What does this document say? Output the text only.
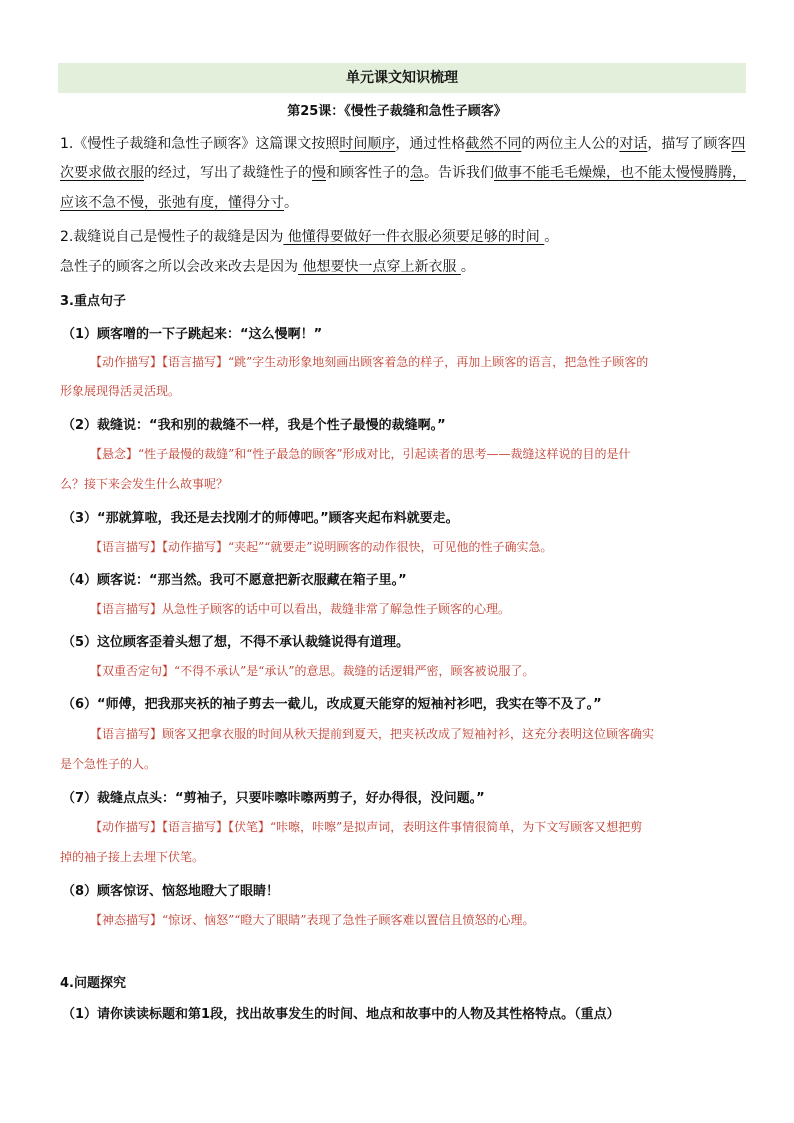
单元课文知识梳理
第25课：《慢性子裁缝和急性子顾客》
1.《慢性子裁缝和急性子顾客》这篇课文按照时间顺序，通过性格截然不同的两位主人公的对话，描写了顾客四
次要求做衣服的经过，写出了裁缝性子的慢和顾客性子的急。告诉我们做事不能毛毛燥燥，也不能太慢慢腾腾，
应该不急不慢，张弛有度，懂得分寸。
2.裁缝说自己是慢性子的裁缝是因为 他懂得要做好一件衣服必须要足够的时间 。
急性子的顾客之所以会改来改去是因为 他想要快一点穿上新衣服 。
3.重点句子
（1）顾客噌的一下子跳起来：“这么慢啊！”
【动作描写】【语言描写】“跳”字生动形象地刻画出顾客着急的样子，再加上顾客的语言，把急性子顾客的
形象展现得活灵活现。
（2）裁缝说：“我和别的裁缝不一样，我是个性子最慢的裁缝啊。”
【悬念】“性子最慢的裁缝”和“性子最急的顾客”形成对比，引起读者的思考——裁缝这样说的目的是什
么？接下来会发生什么故事呢？
（3）“那就算啦，我还是去找刚才的师傅吧。”顾客夹起布料就要走。
【语言描写】【动作描写】“夹起”“就要走”说明顾客的动作很快，可见他的性子确实急。
（4）顾客说：“那当然。我可不愿意把新衣服藏在箱子里。”
【语言描写】从急性子顾客的话中可以看出，裁缝非常了解急性子顾客的心理。
（5）这位顾客歪着头想了想，不得不承认裁缝说得有道理。
【双重否定句】“不得不承认”是“承认”的意思。裁缝的话逻辑严密，顾客被说服了。
（6）“师傅，把我那夹袄的袖子剪去一截儿，改成夏天能穿的短袖衬衫吧，我实在等不及了。”
【语言描写】顾客又把拿衣服的时间从秋天提前到夏天，把夹袄改成了短袖衬衫，这充分表明这位顾客确实
是个急性子的人。
（7）裁缝点点头：“剪袖子，只要咔嚓咔嚓两剪子，好办得很，没问题。”
【动作描写】【语言描写】【伏笔】“咔嚓，咔嚓”是拟声词，表明这件事情很简单，为下文写顾客又想把剪
掉的袖子接上去埋下伏笔。
（8）顾客惊讶、恼怒地瞪大了眼睛！
【神态描写】“惊讶、恼怒”“瞪大了眼睛”表现了急性子顾客难以置信且愤怒的心理。
4.问题探究
（1）请你读读标题和第1段，找出故事发生的时间、地点和故事中的人物及其性格特点。（重点）
